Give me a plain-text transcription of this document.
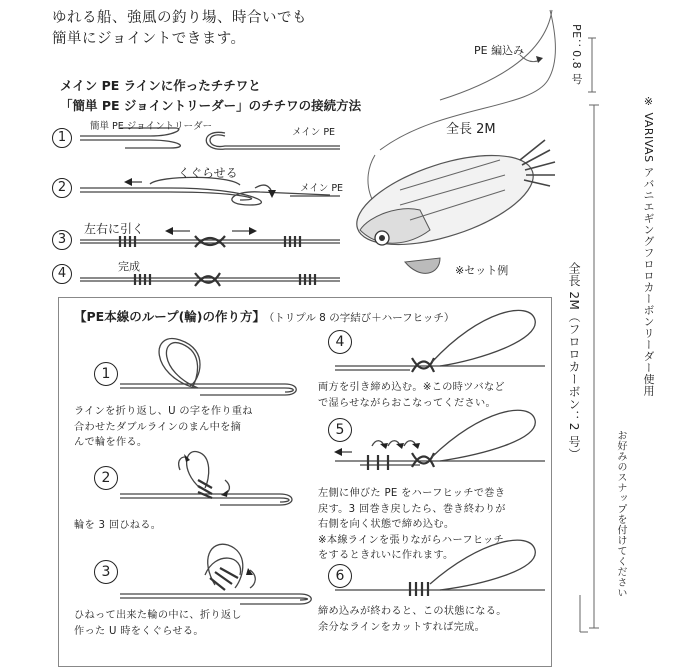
ゆれる船、強風の釣り場、時合いでも
簡単にジョイントできます。
メイン PE ラインに作ったチチワと
「簡単 PE ジョイントリーダー」のチチワの接続方法
1
簡単 PE ジョイントリーダー
メイン PE
2
くぐらせる
メイン PE
3
左右に引く
4	完成
PE 編込み	PE：0.8 号
全長 2M
※セット例	全長 2M（フロロカーボン：2 号）
お好みのスナップを付けてください
※ VARIVAS アバニエギングフロロカーボンリーダー使用
【PE本線のループ(輪)の作り方】 （トリプル 8 の字結び＋ハーフヒッチ）
1
ラインを折り返し、U の字を作り重ね
合わせたダブルラインのまん中を摘
んで輪を作る。
2
輪を 3 回ひねる。
3
ひねって出来た輪の中に、折り返し
作った U 時をくぐらせる。
4
両方を引き締め込む。※この時ツバなど
で湿らせながらおこなってください。
5
左側に伸びた PE をハーフヒッチで巻き
戻す。3 回巻き戻したら、巻き終わりが
右側を向く状態で締め込む。
※本線ラインを張りながらハーフヒッチ
をするときれいに作れます。
6
締め込みが終わると、この状態になる。
余分なラインをカットすれば完成。
